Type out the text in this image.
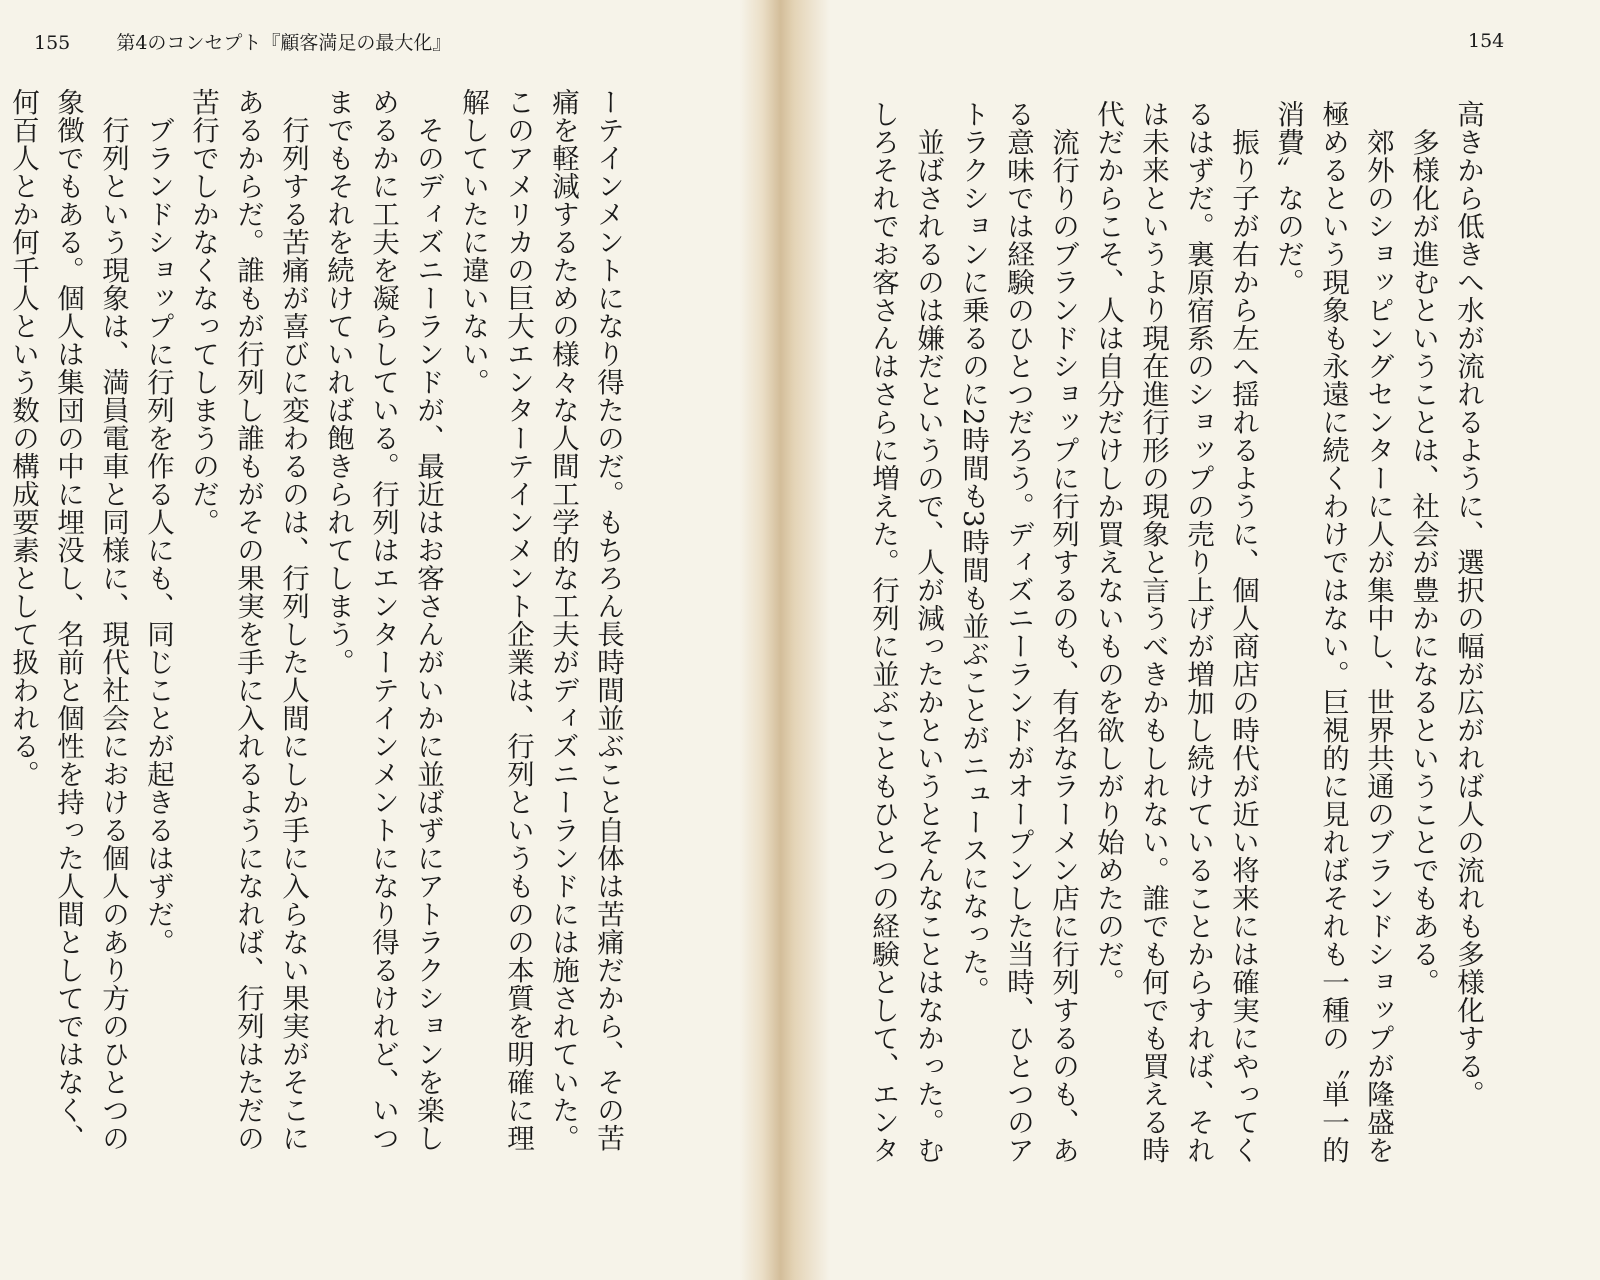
155 第4のコンセプト『顧客満足の最大化』	154
ーテインメントになり得たのだ。もちろん長時間並ぶこと自体は苦痛だから、その苦
痛を軽減するための様々な人間工学的な工夫がディズニーランドには施されていた。
このアメリカの巨大エンターテインメント企業は、行列というものの本質を明確に理
解していたに違いない。
　そのディズニーランドが、最近はお客さんがいかに並ばずにアトラクションを楽し
めるかに工夫を凝らしている。行列はエンターテインメントになり得るけれど、いつ
までもそれを続けていれば飽きられてしまう。
　行列する苦痛が喜びに変わるのは、行列した人間にしか手に入らない果実がそこに
あるからだ。誰もが行列し誰もがその果実を手に入れるようになれば、行列はただの
苦行でしかなくなってしまうのだ。
　ブランドショップに行列を作る人にも、同じことが起きるはずだ。
　行列という現象は、満員電車と同様に、現代社会における個人のあり方のひとつの
象徴でもある。個人は集団の中に埋没し、名前と個性を持った人間としてではなく、
何百人とか何千人という数の構成要素として扱われる。	高きから低きへ水が流れるように、選択の幅が広がれば人の流れも多様化する。
　多様化が進むということは、社会が豊かになるということでもある。
　郊外のショッピングセンターに人が集中し、世界共通のブランドショップが隆盛を
極めるという現象も永遠に続くわけではない。巨視的に見ればそれも一種の〝単一的
消費〟なのだ。
　振り子が右から左へ揺れるように、個人商店の時代が近い将来には確実にやってく
るはずだ。裏原宿系のショップの売り上げが増加し続けていることからすれば、それ
は未来というより現在進行形の現象と言うべきかもしれない。誰でも何でも買える時
代だからこそ、人は自分だけしか買えないものを欲しがり始めたのだ。
　流行りのブランドショップに行列するのも、有名なラーメン店に行列するのも、あ
る意味では経験のひとつだろう。ディズニーランドがオープンした当時、ひとつのア
トラクションに乗るのに2時間も3時間も並ぶことがニュースになった。
　並ばされるのは嫌だというので、人が減ったかというとそんなことはなかった。む
しろそれでお客さんはさらに増えた。行列に並ぶこともひとつの経験として、エンタ
